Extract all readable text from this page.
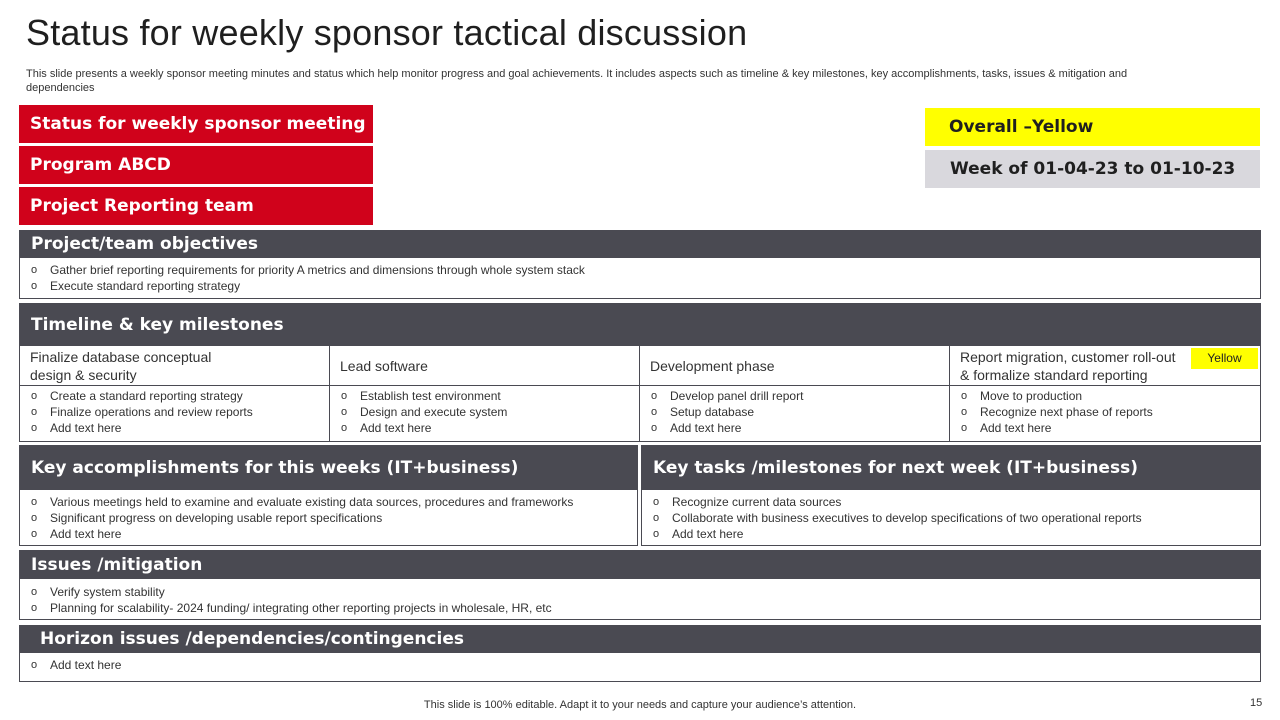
Status for weekly sponsor tactical discussion

This slide presents a weekly sponsor meeting minutes and status which help monitor progress and goal achievements. It includes aspects such as timeline & key milestones, key accomplishments, tasks, issues & mitigation and dependencies

Status for weekly sponsor meeting
Program ABCD
Project Reporting team
Overall –Yellow
Week of 01-04-23 to 01-10-23
Project/team objectives
o Gather brief reporting requirements for priority A metrics and dimensions through whole system stack
o Execute standard reporting strategy
Timeline & key milestones
Finalize database conceptual
design & security
o Create a standard reporting strategy
o Finalize operations and review reports
o Add text here
Lead software
o Establish test environment
o Design and execute system
o Add text here
Development phase
o Develop panel drill report
o Setup database
o Add text here
Report migration, customer roll-out
& formalize standard reporting
o Move to production
o Recognize next phase of reports
o Add text here
Yellow
Key accomplishments for this weeks (IT+business)
o Various meetings held to examine and evaluate existing data sources, procedures and frameworks
o Significant progress on developing usable report specifications
o Add text here
Key tasks /milestones for next week (IT+business)
o Recognize current data sources
o Collaborate with business executives to develop specifications of two operational reports
o Add text here
Issues /mitigation
o Verify system stability
o Planning for scalability- 2024 funding/ integrating other reporting projects in wholesale, HR, etc
Horizon issues /dependencies/contingencies
o Add text here
This slide is 100% editable. Adapt it to your needs and capture your audience’s attention.	15
